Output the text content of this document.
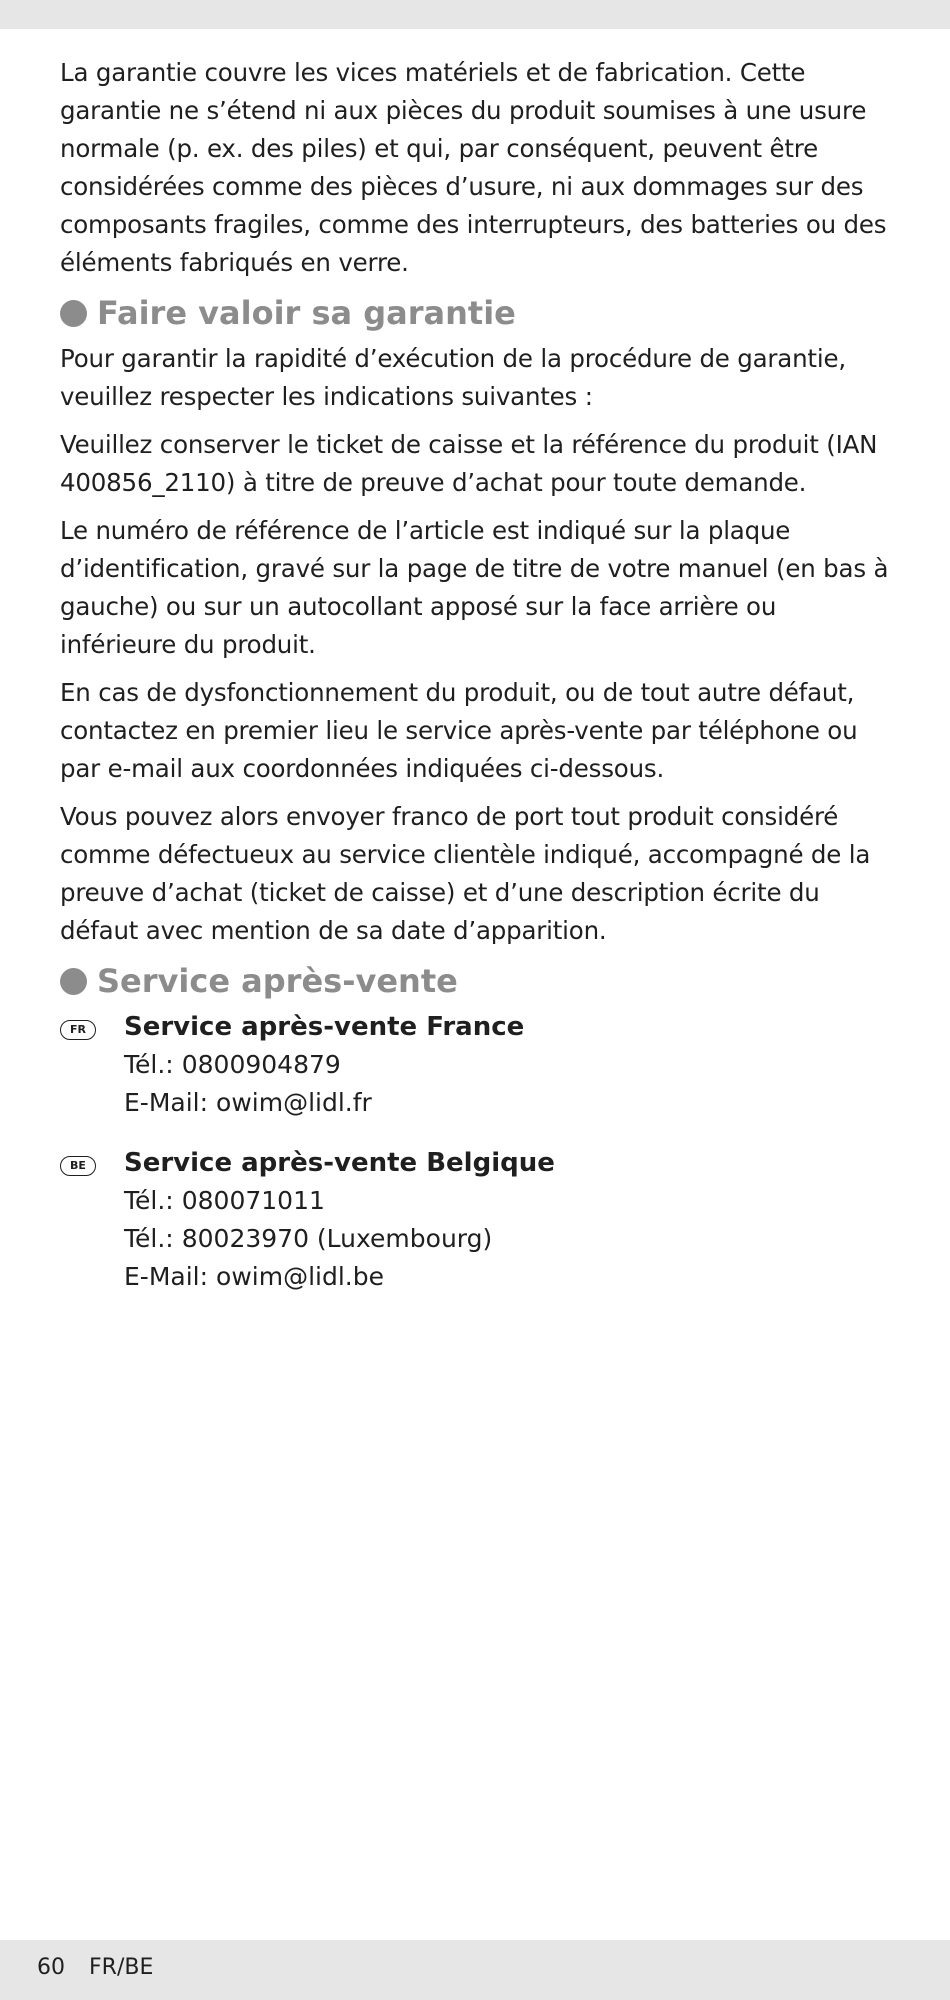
La garantie couvre les vices matériels et de fabrication. Cette garantie ne s’étend ni aux pièces du produit soumises à une usure normale (p. ex. des piles) et qui, par conséquent, peuvent être considérées comme des pièces d’usure, ni aux dommages sur des composants fragiles, comme des interrupteurs, des batteries ou des éléments fabriqués en verre.

Faire valoir sa garantie

Pour garantir la rapidité d’exécution de la procédure de garantie, veuillez respecter les indications suivantes :

Veuillez conserver le ticket de caisse et la référence du produit (IAN 400856_2110) à titre de preuve d’achat pour toute demande.

Le numéro de référence de l’article est indiqué sur la plaque d’identification, gravé sur la page de titre de votre manuel (en bas à gauche) ou sur un autocollant apposé sur la face arrière ou inférieure du produit.

En cas de dysfonctionnement du produit, ou de tout autre défaut, contactez en premier lieu le service après-vente par téléphone ou par e-mail aux coordonnées indiquées ci-dessous.

Vous pouvez alors envoyer franco de port tout produit considéré comme défectueux au service clientèle indiqué, accompagné de la preuve d’achat (ticket de caisse) et d’une description écrite du défaut avec mention de sa date d’apparition.

Service après-vente
FR	Service après-vente France
Tél.: 0800904879
E-Mail: owim@lidl.fr
BE	Service après-vente Belgique
Tél.: 080071011
Tél.: 80023970 (Luxembourg)
E-Mail: owim@lidl.be
60 FR/BE
